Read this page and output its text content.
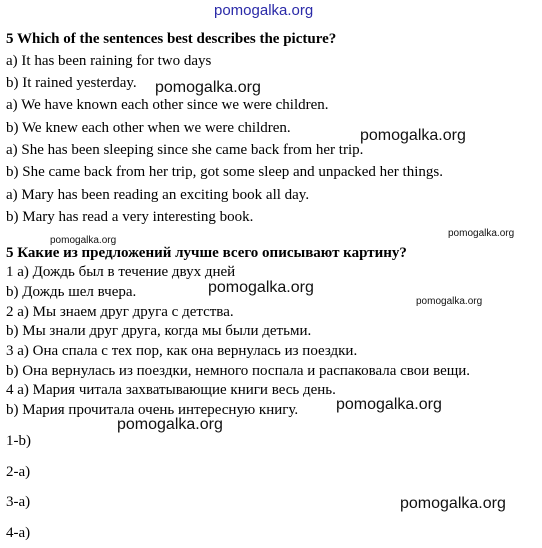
pomogalka.org
5 Which of the sentences best describes the picture?
a) It has been raining for two days
b) It rained yesterday.
a) We have known each other since we were children.
b) We knew each other when we were children.
a) She has been sleeping since she came back from her trip.
b) She came back from her trip, got some sleep and unpacked her things.
a) Mary has been reading an exciting book all day.
b) Mary has read a very interesting book.
5 Какие из предложений лучше всего описывают картину?
1 а) Дождь был в течение двух дней
b) Дождь шел вчера.
2 а) Мы знаем друг друга с детства.
b) Мы знали друг друга, когда мы были детьми.
3 а) Она спала с тех пор, как она вернулась из поездки.
b) Она вернулась из поездки, немного поспала и распаковала свои вещи.
4 а) Мария читала захватывающие книги весь день.
b) Мария прочитала очень интересную книгу.
1-b)
2-a)
3-a)
4-a)
pomogalka.org
pomogalka.org
pomogalka.org
pomogalka.org
pomogalka.org
pomogalka.org
pomogalka.org
pomogalka.org
pomogalka.org
